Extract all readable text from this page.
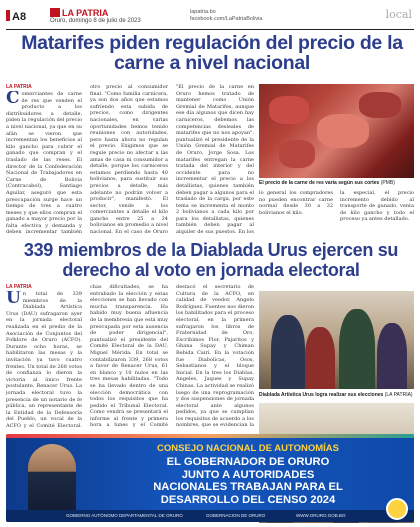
A8	LA PATRIA
Oruro, domingo 8 de julio de 2023
lapatria.bo
facebook.com/LaPatriaBolivia	local
Matarifes piden regulación del precio de la carne a nivel nacional
LA PATRIA
Comerciantes de carne de res que venden el producto a los distribuidores a detalle, piden la regulación del precio a nivel nacional, ya que en su afán se vieron que incrementan los beneficios al kilo gancho para cubrir el ganado que compran y el traslado de las reses. El director de la Confederación Nacional de Trabajadores en Carne de Bolivia (Contracabol), Santiago Aguilar, aseguró que esta preocupación surge hace un tiempo de tres a cuatro meses y que ellos compran el ganado a mayor precio por la falta efectiva y demanda y deben incrementar también
otro precio al consumidor final. "Como familia carnicera, ya son dos años que estamos sufriendo esta subida de precios, como dirigentes nacionales, en varias oportunidades hemos tenido reuniones con autoridades, pero hasta ahora no regulan el precio. Exigimos que se regule precio no afectar a las amas de casa ni consumidor a detalle, porque los carniceros estamos perdiendo hasta 40 bolivianos, para sustituir sus precios a detalle, más adelante no podrán volver a producir", manifestó. El sector, vende a los comerciantes a detalle el kilo gancho entre 25 a 24 bolivianos en promedio a nivel nacional. En el caso de Oruro
"El precio de la carne en Oruro hemos tratado de mantener como Unión Gremial de Matarifes, aunque ese día algunos que dicen hay carniceros, debemos las competencias desleales de matarifes que no nos apoyan", puntualizó el presidente de la Unión Gremial de Matarifes de Oruro, Jorge Sosa. Los matarifes entregan la carne tratada del interior y del occidente para no incrementar el precio a los detallistas, quienes también deben pagar a algunos para el traslado de la carga, por este tema se incrementa el monto 2 bolivianos a cada kilo por para los detallistas, quienes también deben pagar al alquiler de sus puestos. En los
El precio de la carne de res varía según sus cortes (PMB)
lo general los compradores no pueden encontrar carne normal desde 30 a 32 bolivianos el kilo.
la especial, el precio incremento debido al transporte de ganado, venta de kilo gancho y todo el proceso ya antes detallado.
339 miembros de la Diablada Urus ejercen su derecho al voto en jornada electoral
LA PATRIA
Un total de 339 miembros de la Diablada Artística Urus (DAU) sufragaron ayer en la jornada electoral realizada en el predio de la Asociación de Conjuntos del Folklore de Oruro (ACFO). Durante ocho horas, se habilitaron las mesas y la invitación ya tuvo cuatro frentes. Un total de 268 votos de confianza lo dieron la victoria al único frente postulante, Renacer Urus. La jornada electoral tuvo la presencia de un notario de fe pública, un representante de la Entidad de la Defensoría del Pueblo, un vocal de la ACFO y el Comité Electoral.
chas dificultades, se ha entrabado la elección y estas elecciones se han llevado con mucha transparencia. Ha habido muy buena afluencia de la membresía que está muy preocupada por esta ausencia de poder dirigencial", puntualizó el presidente del Comité Electoral de la DAU, Miguel Mérida. En total se contabilizaron 339, 268 votos a favor de Renacer Urus, 61 en blanco y 10 nulos en las tres mesas habilitadas. "Todo se ha llevado dentro de una elección democrática con todos los requisitos que ha pedido el Tribunal Electoral. Como vendrá se presentará el informe al frente y primera hora a lunes y el Comité
destacó el secretario de Cultura de la ACFO, en calidad de veedor, Angelo Rodríguez. Fuentes nos dieron los habilitados para el proceso electoral, en la primera sufragaron los libros de Fraternidad de Oro, Escribimos Flor, Pajaritos y Ghana Supay y Chiman Bebida Cairí. En la votación fue Diabolicas, Osos, Sebastianos y el bloque Inicial. En la tres los Diablas, Angeles, Jaques y Supay Chinas. La actividad se realizó luego de una reprogramación y dos suspensiones de jornada electoral ante algunos pedidos, ya que se cumplían los requisitos de acuerdo a los nombres, que se evidencian la
Diablada Artística Urus logra realizar sus elecciones (LA PATRIA)
CONSEJO NACIONAL DE AUTONOMÍAS
EL GOBERNADOR DE ORURO
JUNTO A AUTORIDADES
NACIONALES TRABAJAN PARA EL
DESARROLLO DEL CENSO 2024
GOBIERNO AUTÓNOMO DEPARTAMENTAL DE ORURO	GOBERNACION DE ORURO	WWW.ORURO.GOB.BO
